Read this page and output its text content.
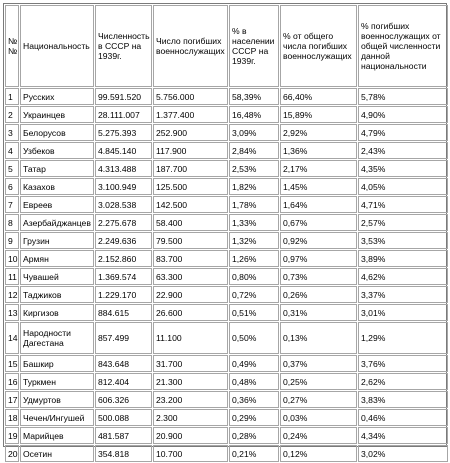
№ №	Национальность	Численность в СССР на 1939г.	Число погибших военнослужащих	% в населении СССР на 1939г.	% от общего числа погибших военнослужащих	% погибших военнослужащих от общей численности данной национальности
1	Русских	99.591.520	5.756.000	58,39%	66,40%	5,78%
2	Украинцев	28.111.007	1.377.400	16,48%	15,89%	4,90%
3	Белорусов	5.275.393	252.900	3,09%	2,92%	4,79%
4	Узбеков	4.845.140	117.900	2,84%	1,36%	2,43%
5	Татар	4.313.488	187.700	2,53%	2,17%	4,35%
6	Казахов	3.100.949	125.500	1,82%	1,45%	4,05%
7	Евреев	3.028.538	142.500	1,78%	1,64%	4,71%
8	Азербайджанцев	2.275.678	58.400	1,33%	0,67%	2,57%
9	Грузин	2.249.636	79.500	1,32%	0,92%	3,53%
10	Армян	2.152.860	83.700	1,26%	0,97%	3,89%
11	Чувашей	1.369.574	63.300	0,80%	0,73%	4,62%
12	Таджиков	1.229.170	22.900	0,72%	0,26%	3,37%
13	Киргизов	884.615	26.600	0,51%	0,31%	3,01%
14	Народности Дагестана	857.499	11.100	0,50%	0,13%	1,29%
15	Башкир	843.648	31.700	0,49%	0,37%	3,76%
16	Туркмен	812.404	21.300	0,48%	0,25%	2,62%
17	Удмуртов	606.326	23.200	0,36%	0,27%	3,83%
18	Чечен/Ингушей	500.088	2.300	0,29%	0,03%	0,46%
19	Марийцев	481.587	20.900	0,28%	0,24%	4,34%
20	Осетин	354.818	10.700	0,21%	0,12%	3,02%
